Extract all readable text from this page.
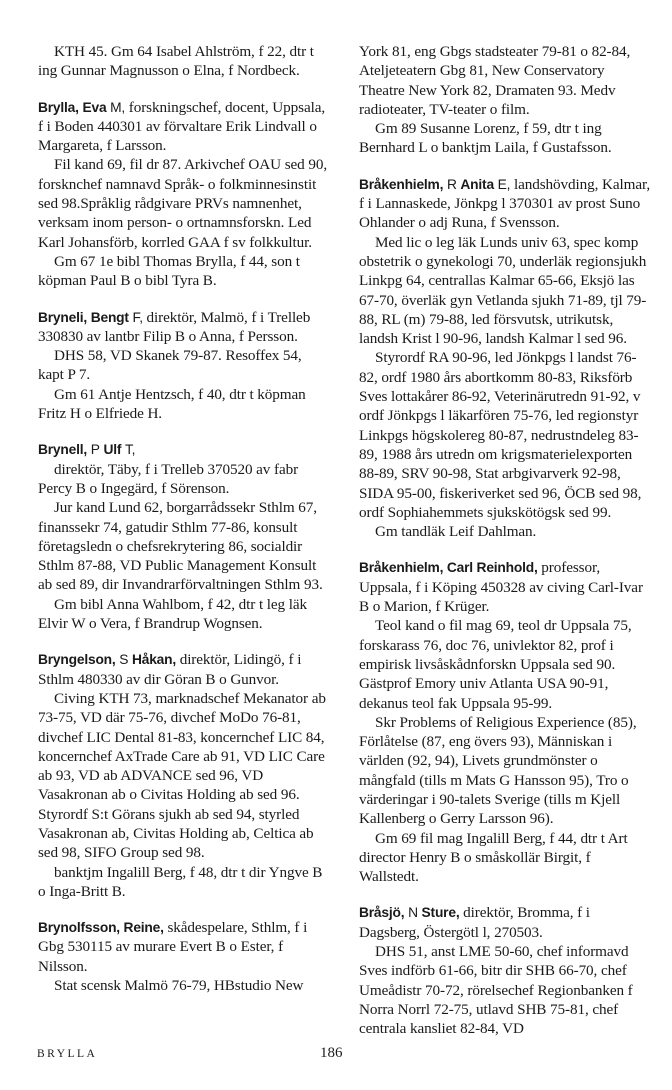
KTH 45. Gm 64 Isabel Ahlström, f 22, dtr t ing Gunnar Magnusson o Elna, f Nordbeck.

Brylla, Eva M, forskningschef, docent, Uppsala, f i Boden 440301 av förvaltare Erik Lindvall o Margareta, f Larsson.

Fil kand 69, fil dr 87. Arkivchef OAU sed 90, forsknchef namnavd Språk- o folkminnesinstit sed 98.Språklig rådgivare PRVs namnenhet, verksam inom person- o ortnamnsforskn. Led Karl Johansförb, korrled GAA f sv folkkultur.

Gm 67 1e bibl Thomas Brylla, f 44, son t köpman Paul B o bibl Tyra B.

Bryneli, Bengt F, direktör, Malmö, f i Trelleb 330830 av lantbr Filip B o Anna, f Persson.

DHS 58, VD Skanek 79-87. Resoffex 54, kapt P 7.

Gm 61 Antje Hentzsch, f 40, dtr t köpman Fritz H o Elfriede H.

Brynell, P Ulf T,

direktör, Täby, f i Trelleb 370520 av fabr Percy B o Ingegärd, f Sörenson.

Jur kand Lund 62, borgarrådssekr Sthlm 67, finanssekr 74, gatudir Sthlm 77-86, konsult företagsledn o chefsrekrytering 86, socialdir Sthlm 87-88, VD Public Management Konsult ab sed 89, dir Invandrarförvaltningen Sthlm 93.

Gm bibl Anna Wahlbom, f 42, dtr t leg läk Elvir W o Vera, f Brandrup Wognsen.

Bryngelson, S Håkan, direktör, Lidingö, f i Sthlm 480330 av dir Göran B o Gunvor.

Civing KTH 73, marknadschef Mekanator ab 73-75, VD där 75-76, divchef MoDo 76-81, divchef LIC Dental 81-83, koncernchef LIC 84, koncernchef AxTrade Care ab 91, VD LIC Care ab 93, VD ab ADVANCE sed 96, VD Vasakronan ab o Civitas Holding ab sed 96. Styrordf S:t Görans sjukh ab sed 94, styrled Vasakronan ab, Civitas Holding ab, Celtica ab sed 98, SIFO Group sed 98.

banktjm Ingalill Berg, f 48, dtr t dir Yngve B o Inga-Britt B.

Brynolfsson, Reine, skådespelare, Sthlm, f i Gbg 530115 av murare Evert B o Ester, f Nilsson.

Stat scensk Malmö 76-79, HBstudio New

York 81, eng Gbgs stadsteater 79-81 o 82-84, Ateljeteatern Gbg 81, New Conservatory Theatre New York 82, Dramaten 93. Medv radioteater, TV-teater o film.

Gm 89 Susanne Lorenz, f 59, dtr t ing Bernhard L o banktjm Laila, f Gustafsson.

Bråkenhielm, R Anita E, landshövding, Kalmar, f i Lannaskede, Jönkpg l 370301 av prost Suno Ohlander o adj Runa, f Svensson.

Med lic o leg läk Lunds univ 63, spec komp obstetrik o gynekologi 70, underläk regionsjukh Linkpg 64, centrallas Kalmar 65-66, Eksjö las 67-70, överläk gyn Vetlanda sjukh 71-89, tjl 79-88, RL (m) 79-88, led försvutsk, utrikutsk, landsh Krist l 90-96, landsh Kalmar l sed 96.

Styrordf RA 90-96, led Jönkpgs l landst 76-82, ordf 1980 års abortkomm 80-83, Riksförb Sves lottakårer 86-92, Veterinärutredn 91-92, v ordf Jönkpgs l läkarfören 75-76, led regionstyr Linkpgs högskolereg 80-87, nedrustndeleg 83-89, 1988 års utredn om krigsmaterielexporten 88-89, SRV 90-98, Stat arbgivarverk 92-98, SIDA 95-00, fiskeriverket sed 96, ÖCB sed 98, ordf Sophiahemmets sjukskötögsk sed 99.

Gm tandläk Leif Dahlman.

Bråkenhielm, Carl Reinhold, professor, Uppsala, f i Köping 450328 av civing Carl-Ivar B o Marion, f Krüger.

Teol kand o fil mag 69, teol dr Uppsala 75, forskarass 76, doc 76, univlektor 82, prof i empirisk livsåskådnforskn Uppsala sed 90. Gästprof Emory univ Atlanta USA 90-91, dekanus teol fak Uppsala 95-99.

Skr Problems of Religious Experience (85), Förlåtelse (87, eng övers 93), Människan i världen (92, 94), Livets grundmönster o mångfald (tills m Mats G Hansson 95), Tro o värderingar i 90-talets Sverige (tills m Kjell Kallenberg o Gerry Larsson 96).

Gm 69 fil mag Ingalill Berg, f 44, dtr t Art director Henry B o småskollär Birgit, f Wallstedt.

Bråsjö, N Sture, direktör, Bromma, f i Dagsberg, Östergötl l, 270503.

DHS 51, anst LME 50-60, chef informavd Sves indförb 61-66, bitr dir SHB 66-70, chef Umeådistr 70-72, rörelsechef Regionbanken f Norra Norrl 72-75, utlavd SHB 75-81, chef centrala kansliet 82-84, VD

BRYLLA	186
